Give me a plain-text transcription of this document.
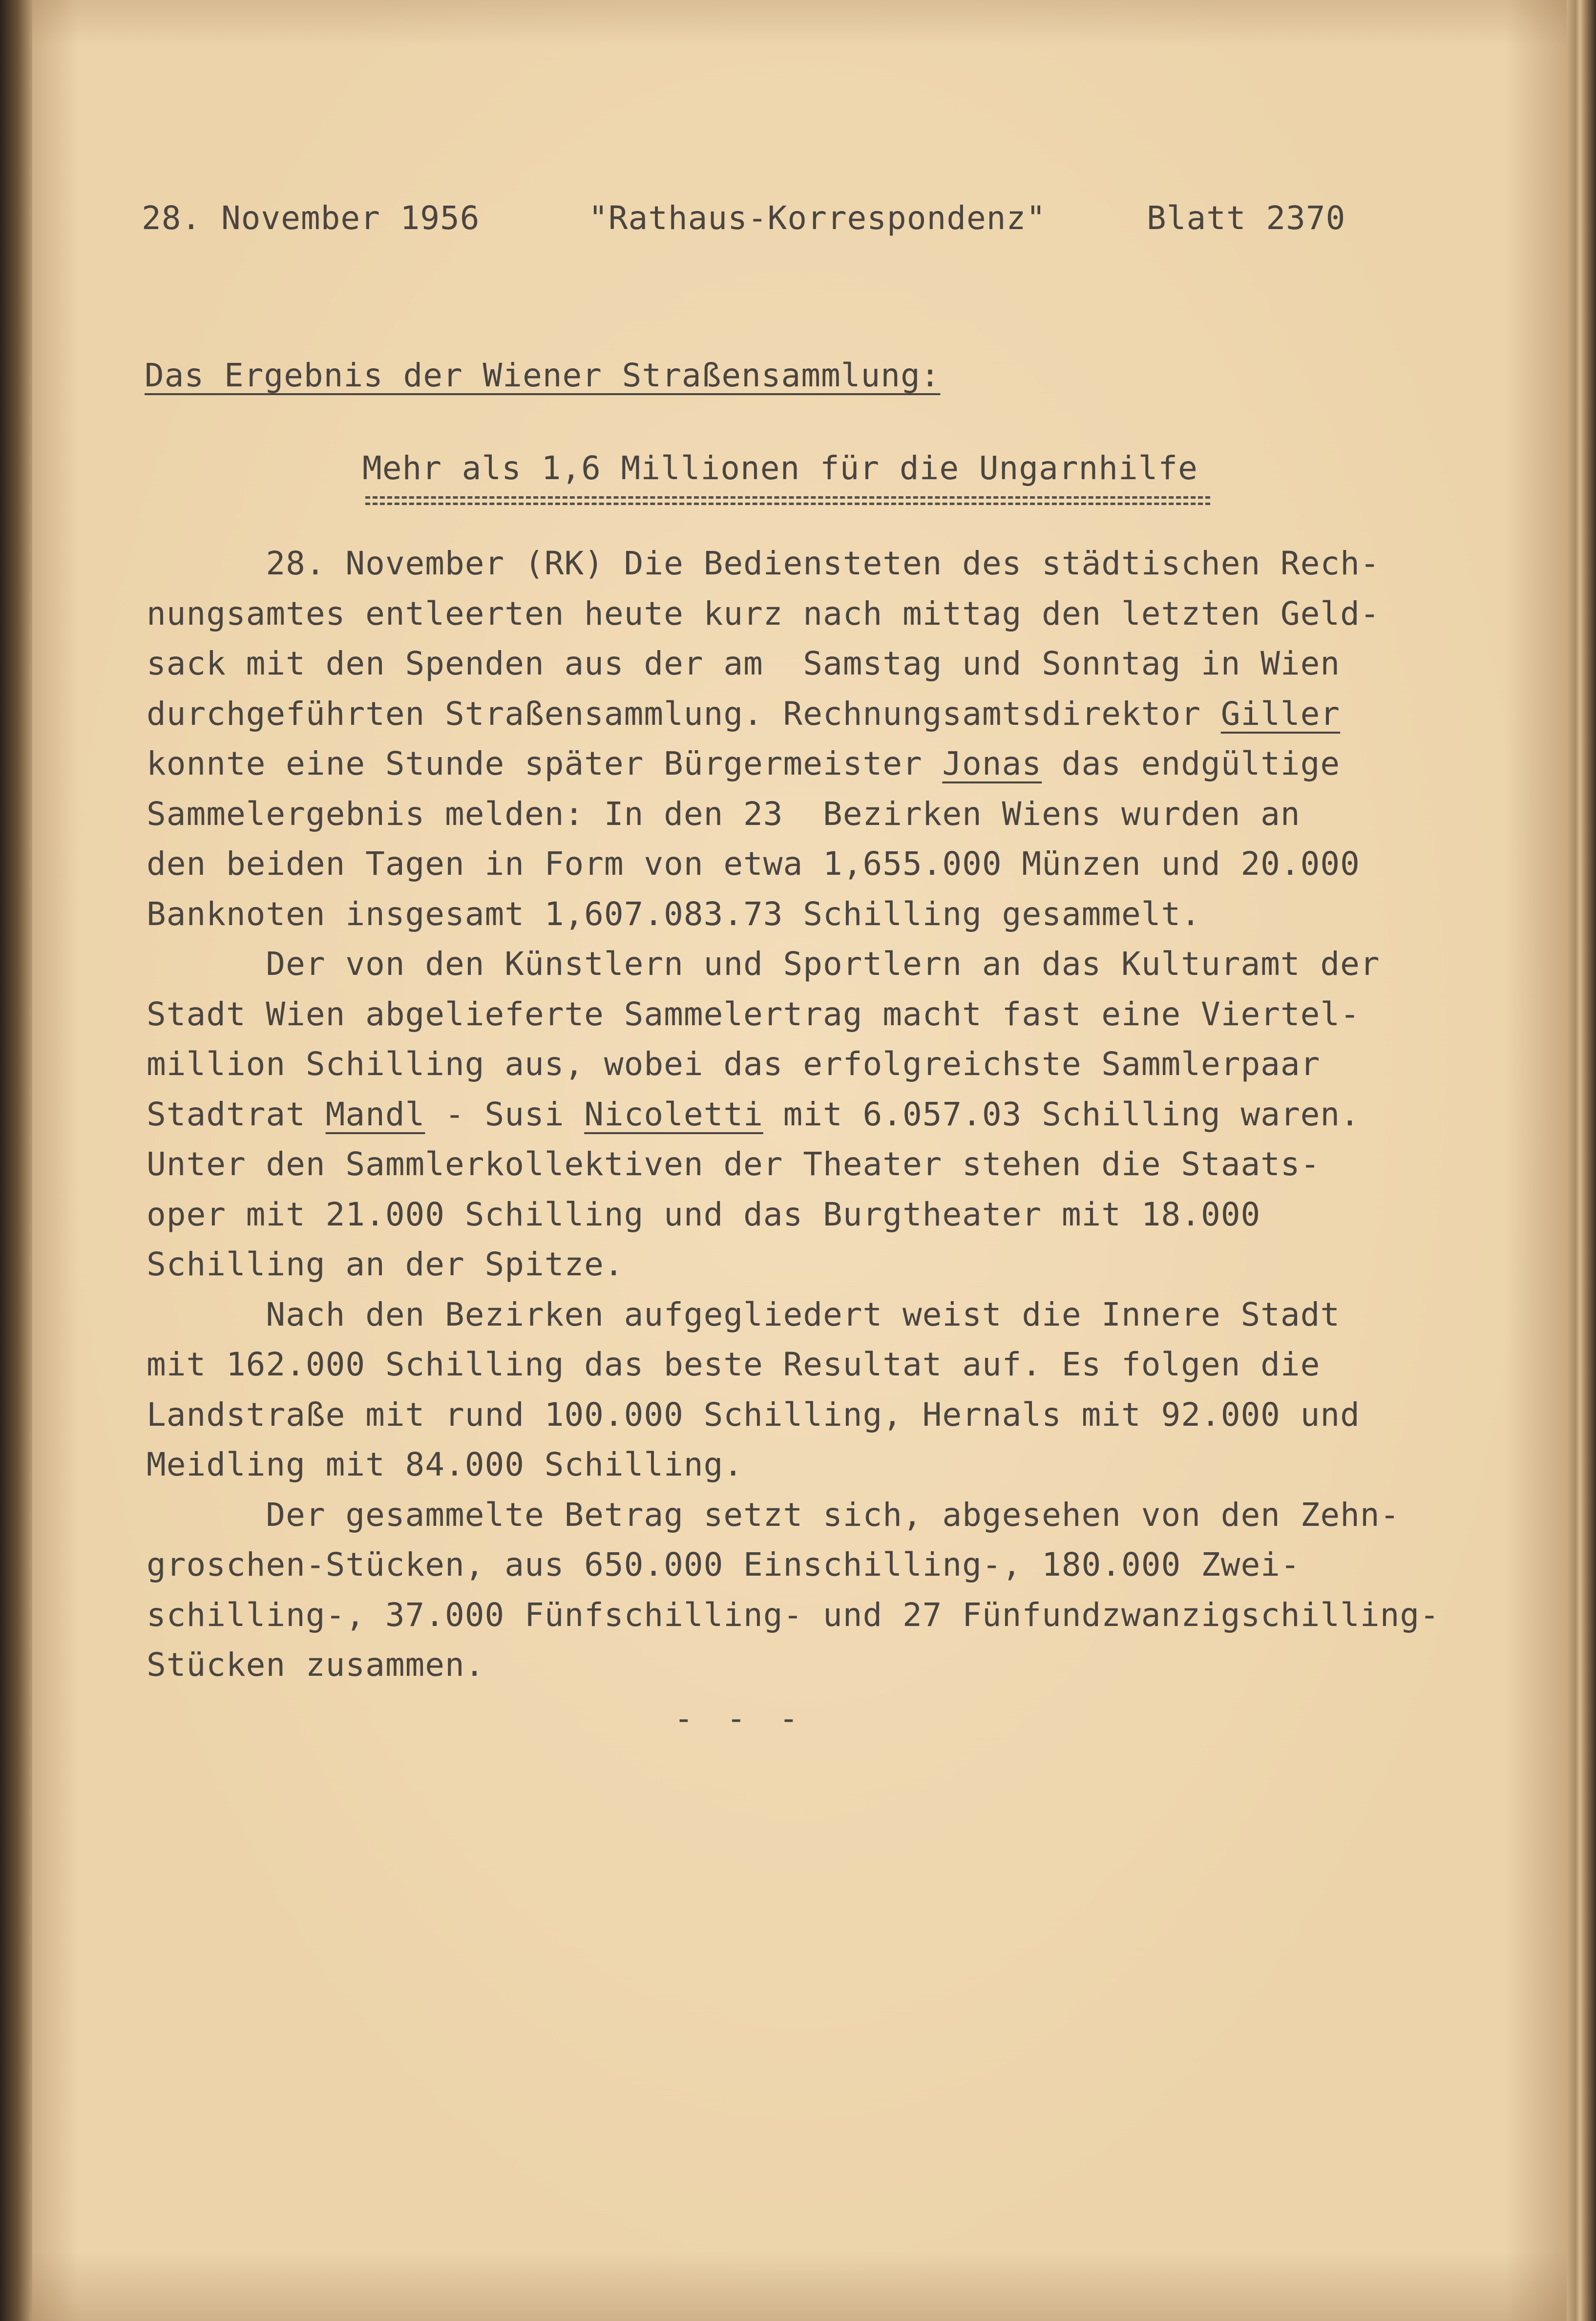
28. November 1956	"Rathaus-Korrespondenz"	Blatt 2370
Das Ergebnis der Wiener Straßensammlung:
Mehr als 1,6 Millionen für die Ungarnhilfe
28. November (RK) Die Bediensteten des städtischen Rech-
nungsamtes entleerten heute kurz nach mittag den letzten Geld-
sack mit den Spenden aus der am  Samstag und Sonntag in Wien
durchgeführten Straßensammlung. Rechnungsamtsdirektor Giller
konnte eine Stunde später Bürgermeister Jonas das endgültige
Sammelergebnis melden: In den 23  Bezirken Wiens wurden an
den beiden Tagen in Form von etwa 1,655.000 Münzen und 20.000
Banknoten insgesamt 1,607.083.73 Schilling gesammelt.
Der von den Künstlern und Sportlern an das Kulturamt der
Stadt Wien abgelieferte Sammelertrag macht fast eine Viertel-
million Schilling aus, wobei das erfolgreichste Sammlerpaar
Stadtrat Mandl - Susi Nicoletti mit 6.057.03 Schilling waren.
Unter den Sammlerkollektiven der Theater stehen die Staats-
oper mit 21.000 Schilling und das Burgtheater mit 18.000
Schilling an der Spitze.
Nach den Bezirken aufgegliedert weist die Innere Stadt
mit 162.000 Schilling das beste Resultat auf. Es folgen die
Landstraße mit rund 100.000 Schilling, Hernals mit 92.000 und
Meidling mit 84.000 Schilling.
Der gesammelte Betrag setzt sich, abgesehen von den Zehn-
groschen-Stücken, aus 650.000 Einschilling-, 180.000 Zwei-
schilling-, 37.000 Fünfschilling- und 27 Fünfundzwanzigschilling-
Stücken zusammen.
- - -
